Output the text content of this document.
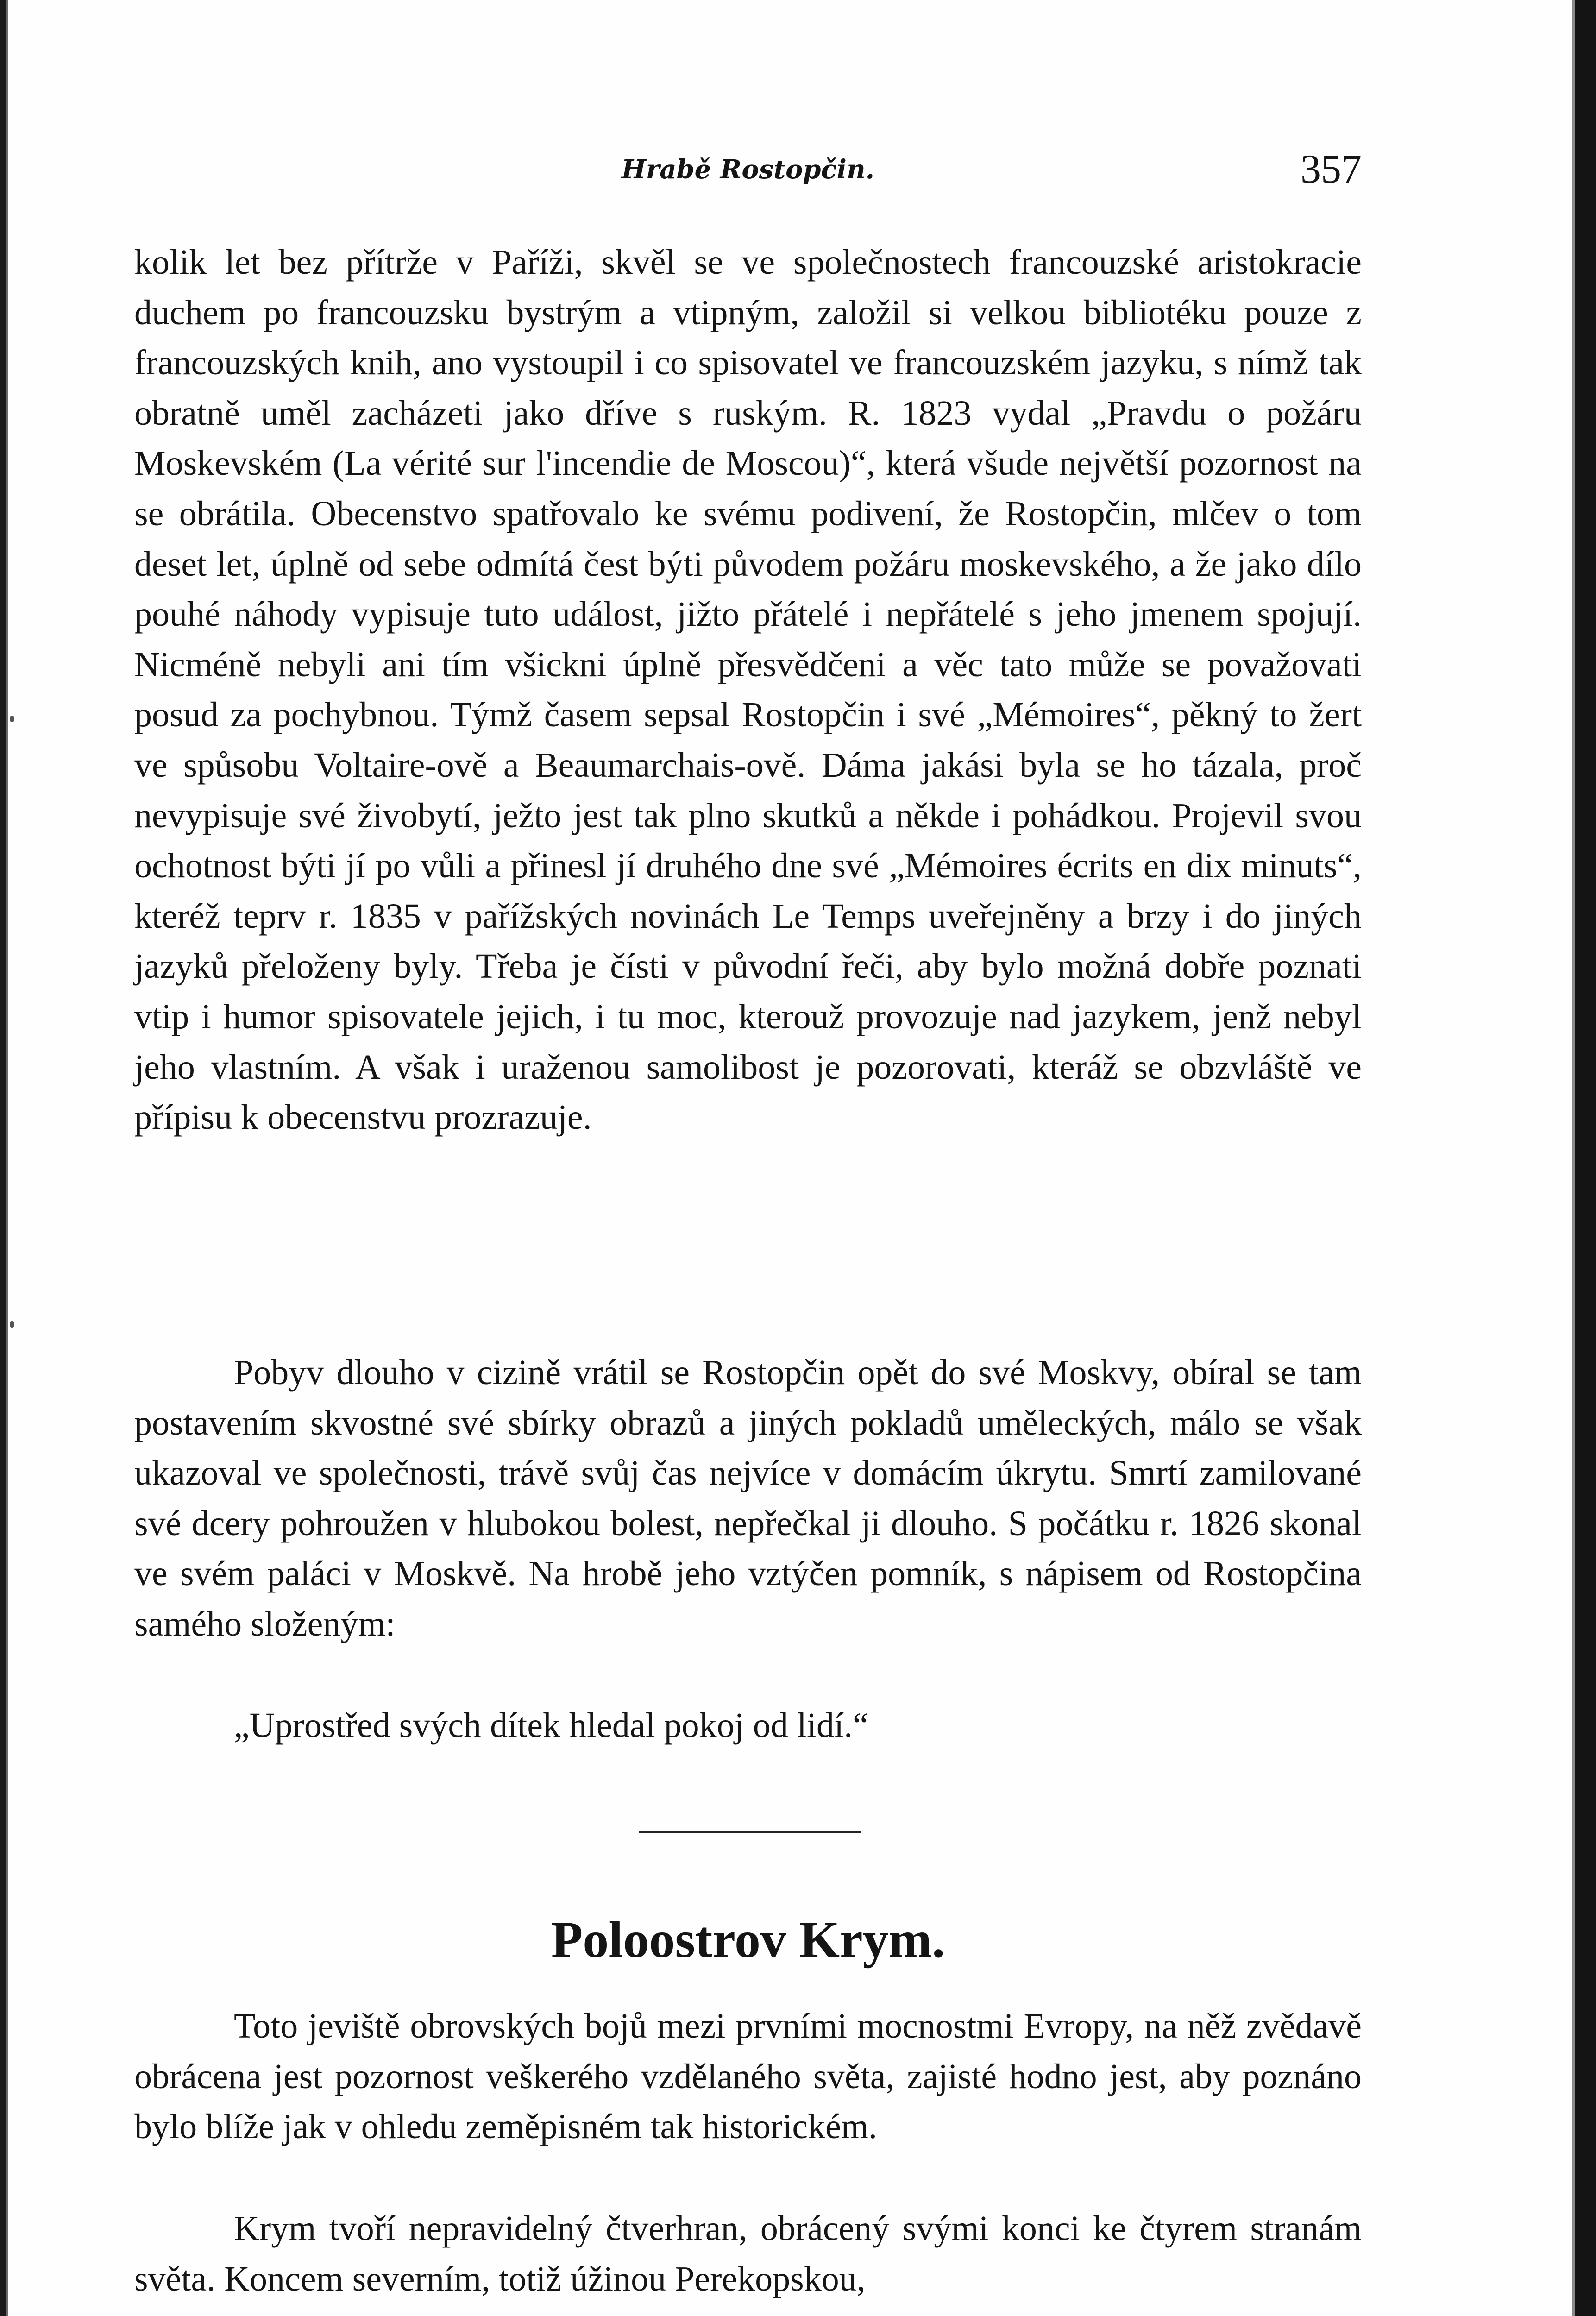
Hrabě Rostopčin.	357

kolik let bez přítrže v Paříži, skvěl se ve společnostech francouzské aristokracie duchem po francouzsku bystrým a vtipným, založil si velkou bibliotéku pouze z francouzských knih, ano vystoupil i co spisovatel ve francouzském jazyku, s nímž tak obratně uměl zacházeti jako dříve s ruským. R. 1823 vydal „Pravdu o požáru Moskevském (La vérité sur l'incendie de Moscou)“, která všude největší pozornost na se obrátila. Obecenstvo spatřovalo ke svému podivení, že Rostopčin, mlčev o tom deset let, úplně od sebe odmítá čest býti původem požáru moskevského, a že jako dílo pouhé náhody vypisuje tuto událost, jižto přátelé i nepřátelé s jeho jmenem spojují. Nicméně nebyli ani tím všickni úplně přesvědčeni a věc tato může se považovati posud za pochybnou. Týmž časem sepsal Rostopčin i své „Mémoires“, pěkný to žert ve spůsobu Voltaire-ově a Beaumarchais-ově. Dáma jakási byla se ho tázala, proč nevypisuje své živobytí, ježto jest tak plno skutků a někde i pohádkou. Projevil svou ochotnost býti jí po vůli a přinesl jí druhého dne své „Mémoires écrits en dix minuts“, kteréž teprv r. 1835 v pařížských novinách Le Temps uveřejněny a brzy i do jiných jazyků přeloženy byly. Třeba je čísti v původní řeči, aby bylo možná dobře poznati vtip i humor spisovatele jejich, i tu moc, kterouž provozuje nad jazykem, jenž nebyl jeho vlastním. A však i uraženou samolibost je pozorovati, kteráž se obzvláště ve přípisu k obecenstvu prozrazuje.

Pobyv dlouho v cizině vrátil se Rostopčin opět do své Moskvy, obíral se tam postavením skvostné své sbírky obrazů a jiných pokladů uměleckých, málo se však ukazoval ve společnosti, trávě svůj čas nejvíce v domácím úkrytu. Smrtí zamilované své dcery pohroužen v hlubokou bolest, nepřečkal ji dlouho. S počátku r. 1826 skonal ve svém paláci v Moskvě. Na hrobě jeho vztýčen pomník, s nápisem od Rostopčina samého složeným:

„Uprostřed svých dítek hledal pokoj od lidí.“

Poloostrov Krym.

Toto jeviště obrovských bojů mezi prvními mocnostmi Evropy, na něž zvědavě obrácena jest pozornost veškerého vzdělaného světa, zajisté hodno jest, aby poznáno bylo blíže jak v ohledu zeměpisném tak historickém.

Krym tvoří nepravidelný čtverhran, obrácený svými konci ke čtyrem stranám světa. Koncem severním, totiž úžinou Perekopskou,
